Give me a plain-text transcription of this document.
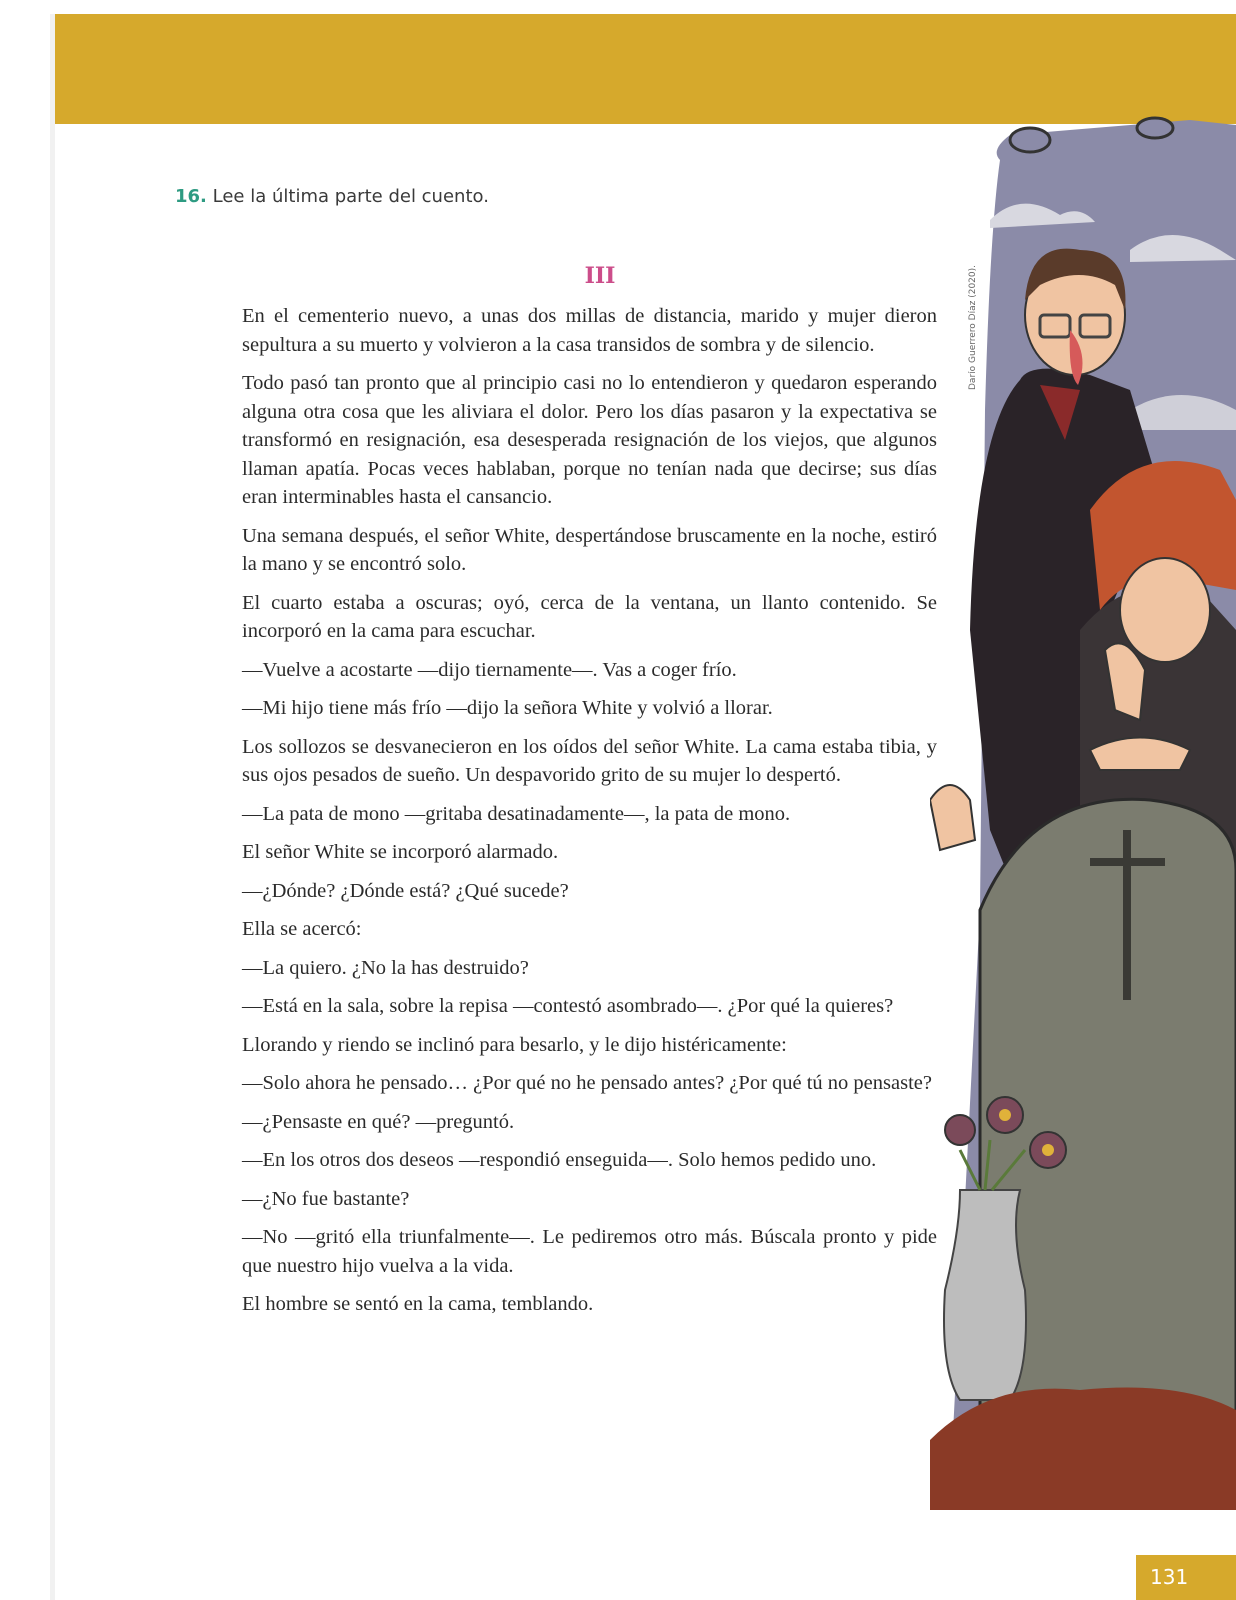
16. Lee la última parte del cuento.
III

En el cementerio nuevo, a unas dos millas de distancia, marido y mujer dieron sepultura a su muerto y volvieron a la casa transidos de sombra y de silencio.

Todo pasó tan pronto que al principio casi no lo entendieron y quedaron esperando alguna otra cosa que les aliviara el dolor. Pero los días pasaron y la expectativa se transformó en resignación, esa desesperada resignación de los viejos, que algunos llaman apatía. Pocas veces hablaban, porque no tenían nada que decirse; sus días eran interminables hasta el cansancio.

Una semana después, el señor White, despertándose bruscamente en la noche, estiró la mano y se encontró solo.

El cuarto estaba a oscuras; oyó, cerca de la ventana, un llanto contenido. Se incorporó en la cama para escuchar.

—Vuelve a acostarte —dijo tiernamente—. Vas a coger frío.

—Mi hijo tiene más frío —dijo la señora White y volvió a llorar.

Los sollozos se desvanecieron en los oídos del señor White. La cama estaba tibia, y sus ojos pesados de sueño. Un despavorido grito de su mujer lo despertó.

—La pata de mono —gritaba desatinadamente—, la pata de mono.

El señor White se incorporó alarmado.

—¿Dónde? ¿Dónde está? ¿Qué sucede?

Ella se acercó:

—La quiero. ¿No la has destruido?

—Está en la sala, sobre la repisa —contestó asombrado—. ¿Por qué la quieres?

Llorando y riendo se inclinó para besarlo, y le dijo histéricamente:

—Solo ahora he pensado… ¿Por qué no he pensado antes? ¿Por qué tú no pensaste?

—¿Pensaste en qué? —preguntó.

—En los otros dos deseos —respondió enseguida—. Solo hemos pedido uno.

—¿No fue bastante?

—No —gritó ella triunfalmente—. Le pediremos otro más. Búscala pronto y pide que nuestro hijo vuelva a la vida.

El hombre se sentó en la cama, temblando.

Darío Guerrero Díaz (2020).
131
